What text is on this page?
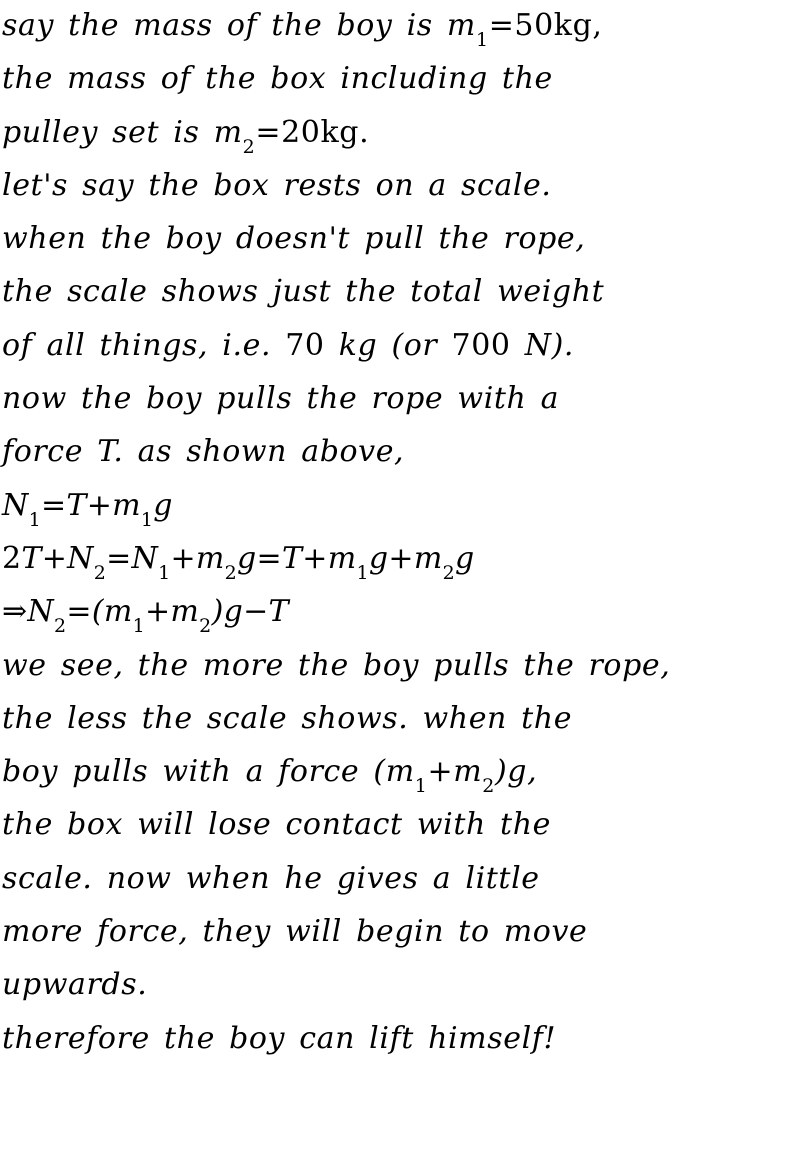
say the mass of the boy is $m_1=50kg$,
the mass of the box including the
pulley set is $m_2=20kg$.
let's say the box rests on a scale.
when the boy doesn't pull the rope,
the scale shows just the total weight
of all things, i.e. 70 kg (or 700 N).
now the boy pulls the rope with a
force T. as shown above,
$N_1=T+m_1g$
$2T+N_2=N_1+m_2g=T+m_1g+m_2g$
$\Rightarrow N_2=(m_1+m_2)g-T$
we see, the more the boy pulls the rope,
the less the scale shows. when the
boy pulls with a force $(m_1+m_2)g$,
the box will lose contact with the
scale. now when he gives a little
more force, they will begin to move
upwards.
therefore the boy can lift himself!
